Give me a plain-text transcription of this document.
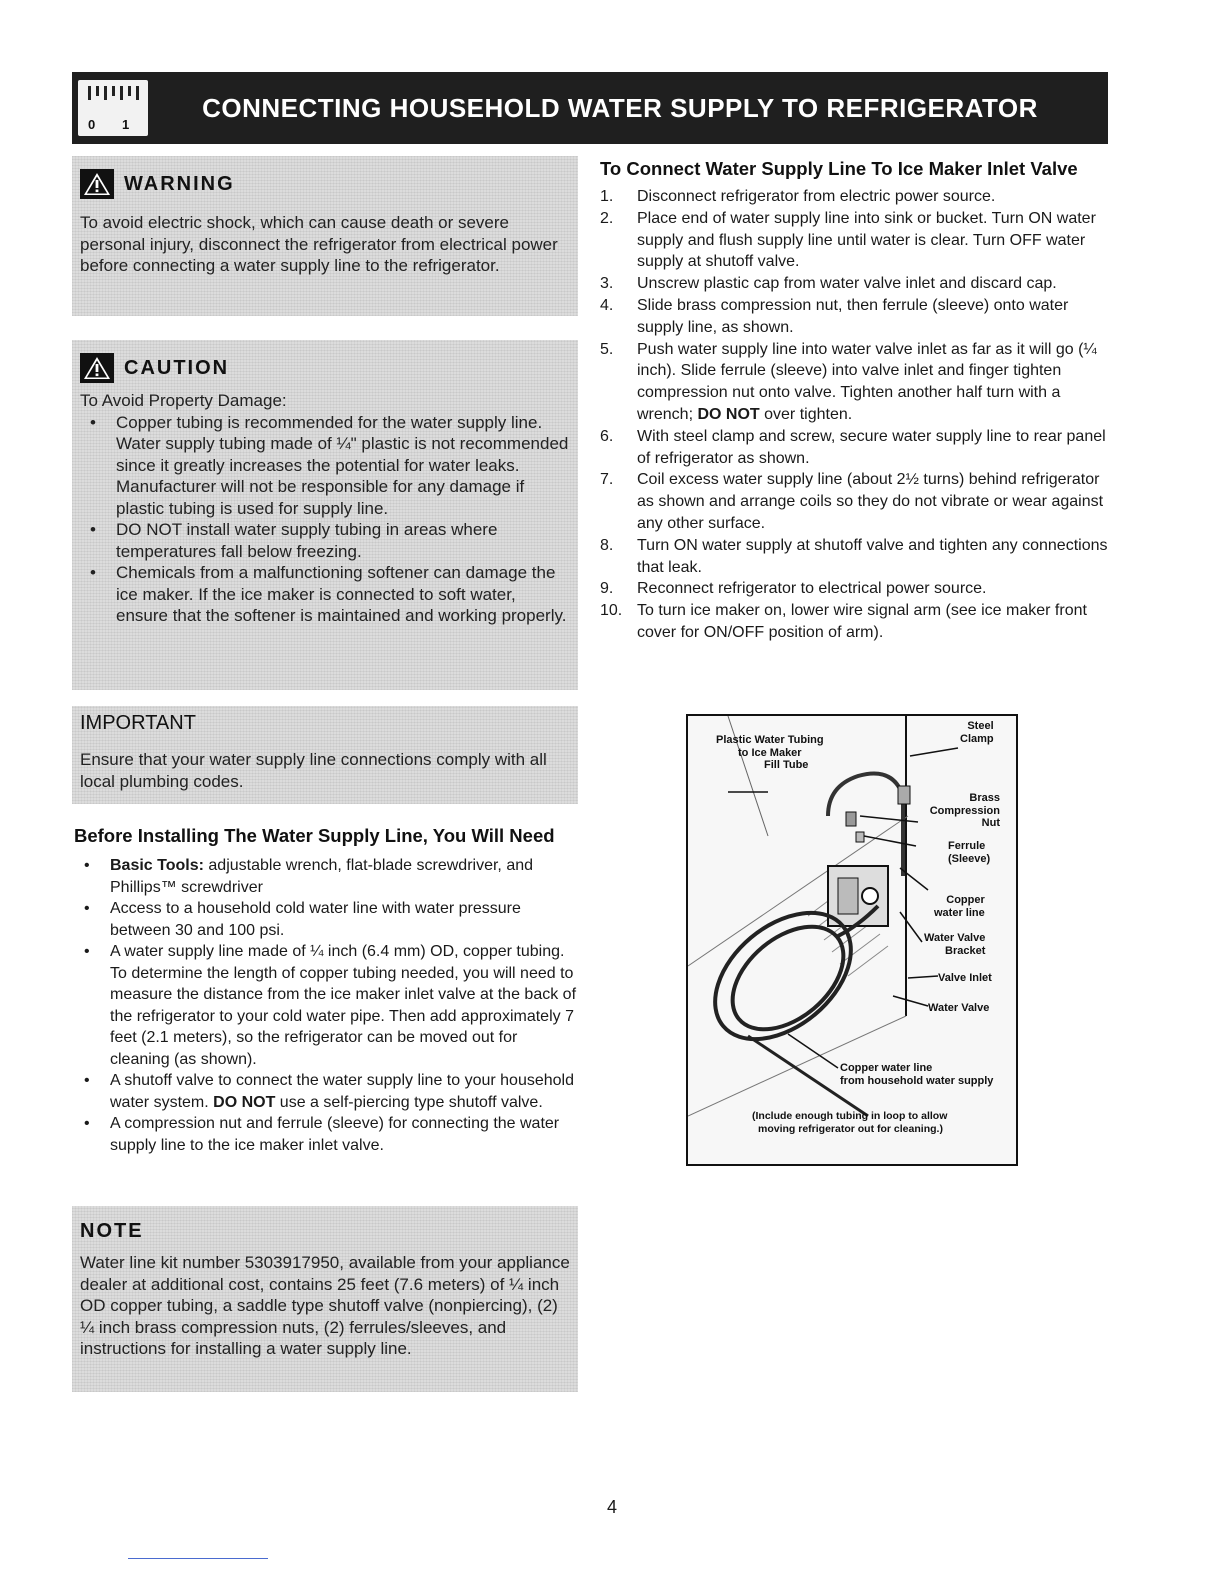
0 1
CONNECTING HOUSEHOLD WATER SUPPLY TO REFRIGERATOR
WARNING
To avoid electric shock, which can cause death or severe personal injury, disconnect the refrigerator from electrical power before connecting a water supply line to the refrigerator.
CAUTION
To Avoid Property Damage:
• Copper tubing is recommended for the water supply line. Water supply tubing made of ¼" plastic is not recommended since it greatly increases the potential for water leaks. Manufacturer will not be responsible for any damage if plastic tubing is used for supply line.
• DO NOT install water supply tubing in areas where temperatures fall below freezing.
• Chemicals from a malfunctioning softener can damage the ice maker. If the ice maker is connected to soft water, ensure that the softener is maintained and working properly.
IMPORTANT
Ensure that your water supply line connections comply with all local plumbing codes.
Before Installing The Water Supply Line, You Will Need
• Basic Tools: adjustable wrench, flat-blade screwdriver, and Phillips™ screwdriver
• Access to a household cold water line with water pressure between 30 and 100 psi.
• A water supply line made of ¼ inch (6.4 mm) OD, copper tubing. To determine the length of copper tubing needed, you will need to measure the distance from the ice maker inlet valve at the back of the refrigerator to your cold water pipe. Then add approximately 7 feet (2.1 meters), so the refrigerator can be moved out for cleaning (as shown).
• A shutoff valve to connect the water supply line to your household water system. DO NOT use a self-piercing type shutoff valve.
• A compression nut and ferrule (sleeve) for connecting the water supply line to the ice maker inlet valve.
NOTE
Water line kit number 5303917950, available from your appliance dealer at additional cost, contains 25 feet (7.6 meters) of ¼ inch OD copper tubing, a saddle type shutoff valve (nonpiercing), (2) ¼ inch brass compression nuts, (2) ferrules/sleeves, and instructions for installing a water supply line.
To Connect Water Supply Line To Ice Maker Inlet Valve
1. Disconnect refrigerator from electric power source.
2. Place end of water supply line into sink or bucket. Turn ON water supply and flush supply line until water is clear. Turn OFF water supply at shutoff valve.
3. Unscrew plastic cap from water valve inlet and discard cap.
4. Slide brass compression nut, then ferrule (sleeve) onto water supply line, as shown.
5. Push water supply line into water valve inlet as far as it will go (¼ inch). Slide ferrule (sleeve) into valve inlet and finger tighten compression nut onto valve. Tighten another half turn with a wrench; DO NOT over tighten.
6. With steel clamp and screw, secure water supply line to rear panel of refrigerator as shown.
7. Coil excess water supply line (about 2½ turns) behind refrigerator as shown and arrange coils so they do not vibrate or wear against any other surface.
8. Turn ON water supply at shutoff valve and tighten any connections that leak.
9. Reconnect refrigerator to electrical power source.
10. To turn ice maker on, lower wire signal arm (see ice maker front cover for ON/OFF position of arm).
Plastic Water Tubing
to Ice Maker
Fill Tube
Steel
Clamp
Brass
Compression
Nut
Ferrule
(Sleeve)
Copper
water line
Water Valve
Bracket
Valve Inlet
Water Valve
Copper water line
from household water supply
(Include enough tubing in loop to allow
moving refrigerator out for cleaning.)
4
